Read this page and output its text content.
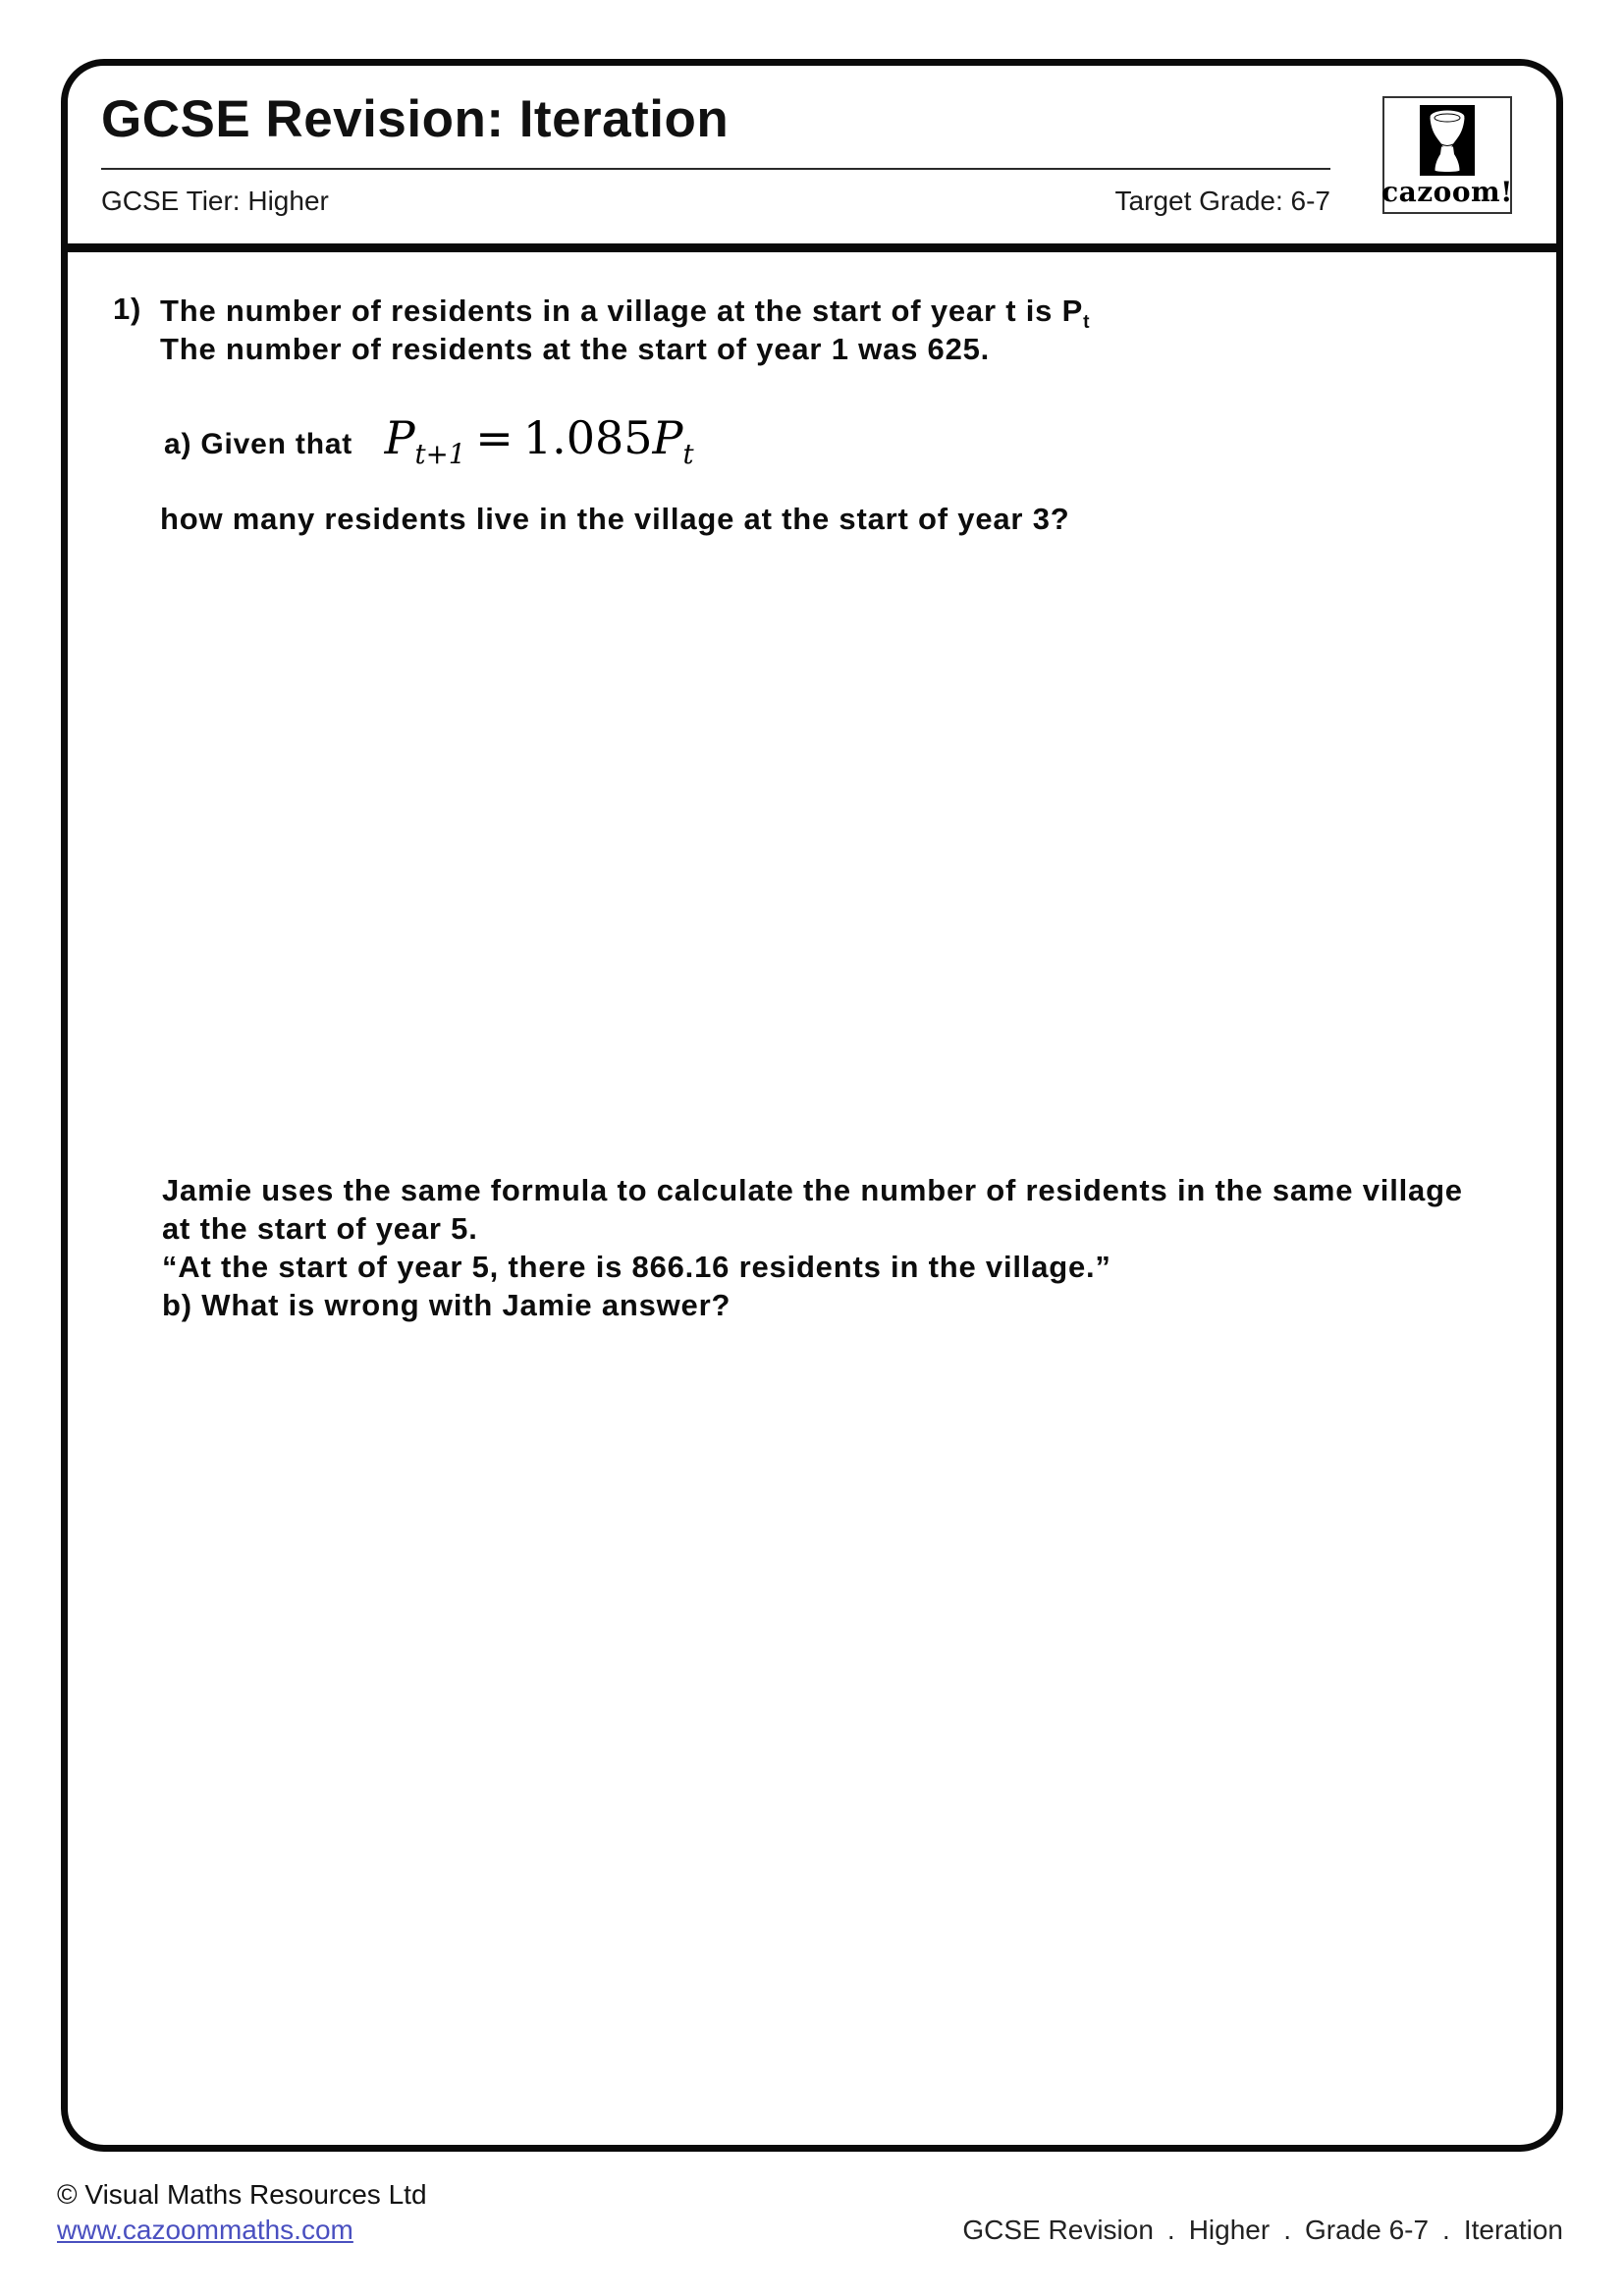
GCSE Revision: Iteration
GCSE Tier: Higher	Target Grade: 6-7 cazoom!
1) The number of residents in a village at the start of year t is $P_t$
The number of residents at the start of year 1 was 625.
a) Given that $P_{t+1} = 1.085P_t$
how many residents live in the village at the start of year 3?
Jamie uses the same formula to calculate the number of residents in the same village
at the start of year 5.
“At the start of year 5, there is 866.16 residents in the village.”
b) What is wrong with Jamie answer?
© Visual Maths Resources Ltd
www.cazoommaths.com	GCSE Revision . Higher . Grade 6-7 . Iteration
